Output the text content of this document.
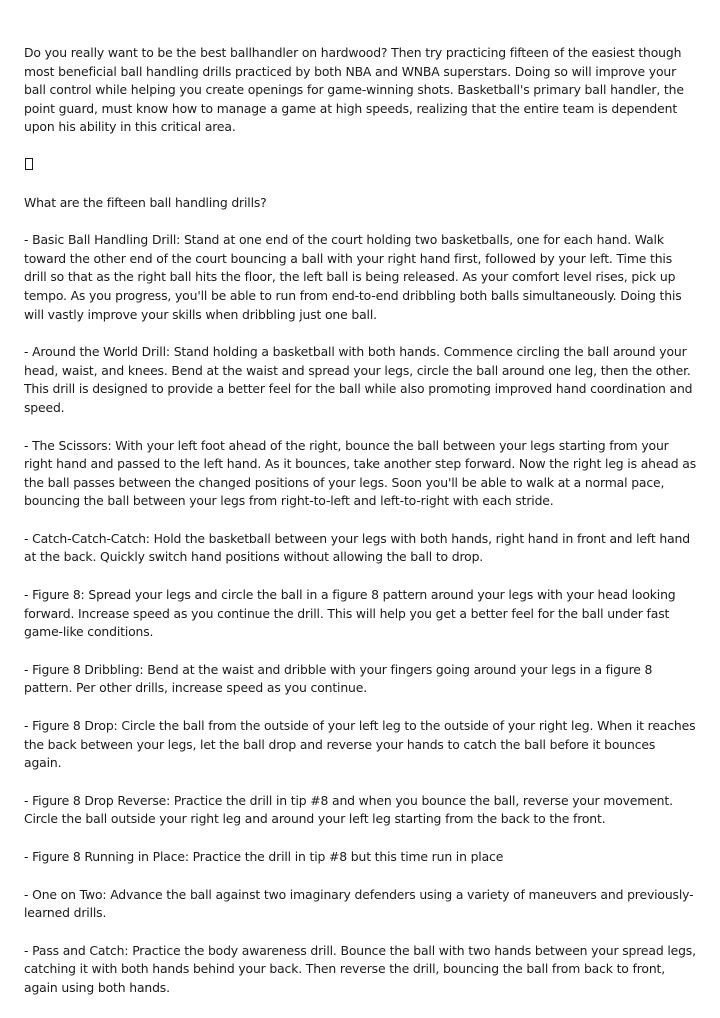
Do you really want to be the best ballhandler on hardwood? Then try practicing fifteen of the easiest though most beneficial ball handling drills practiced by both NBA and WNBA superstars. Doing so will improve your ball control while helping you create openings for game-winning shots. Basketball's primary ball handler, the point guard, must know how to manage a game at high speeds, realizing that the entire team is dependent upon his ability in this critical area.

What are the fifteen ball handling drills?

- Basic Ball Handling Drill: Stand at one end of the court holding two basketballs, one for each hand. Walk toward the other end of the court bouncing a ball with your right hand first, followed by your left. Time this drill so that as the right ball hits the floor, the left ball is being released. As your comfort level rises, pick up tempo. As you progress, you'll be able to run from end-to-end dribbling both balls simultaneously. Doing this will vastly improve your skills when dribbling just one ball.

- Around the World Drill: Stand holding a basketball with both hands. Commence circling the ball around your head, waist, and knees. Bend at the waist and spread your legs, circle the ball around one leg, then the other. This drill is designed to provide a better feel for the ball while also promoting improved hand coordination and speed.

- The Scissors: With your left foot ahead of the right, bounce the ball between your legs starting from your right hand and passed to the left hand. As it bounces, take another step forward. Now the right leg is ahead as the ball passes between the changed positions of your legs. Soon you'll be able to walk at a normal pace, bouncing the ball between your legs from right-to-left and left-to-right with each stride.

- Catch-Catch-Catch: Hold the basketball between your legs with both hands, right hand in front and left hand at the back. Quickly switch hand positions without allowing the ball to drop.

- Figure 8: Spread your legs and circle the ball in a figure 8 pattern around your legs with your head looking forward. Increase speed as you continue the drill. This will help you get a better feel for the ball under fast game-like conditions.

- Figure 8 Dribbling: Bend at the waist and dribble with your fingers going around your legs in a figure 8 pattern. Per other drills, increase speed as you continue.

- Figure 8 Drop: Circle the ball from the outside of your left leg to the outside of your right leg. When it reaches the back between your legs, let the ball drop and reverse your hands to catch the ball before it bounces again.

- Figure 8 Drop Reverse: Practice the drill in tip #8 and when you bounce the ball, reverse your movement. Circle the ball outside your right leg and around your left leg starting from the back to the front.

- Figure 8 Running in Place: Practice the drill in tip #8 but this time run in place

- One on Two: Advance the ball against two imaginary defenders using a variety of maneuvers and previously-learned drills.

- Pass and Catch: Practice the body awareness drill. Bounce the ball with two hands between your spread legs, catching it with both hands behind your back. Then reverse the drill, bouncing the ball from back to front, again using both hands.
